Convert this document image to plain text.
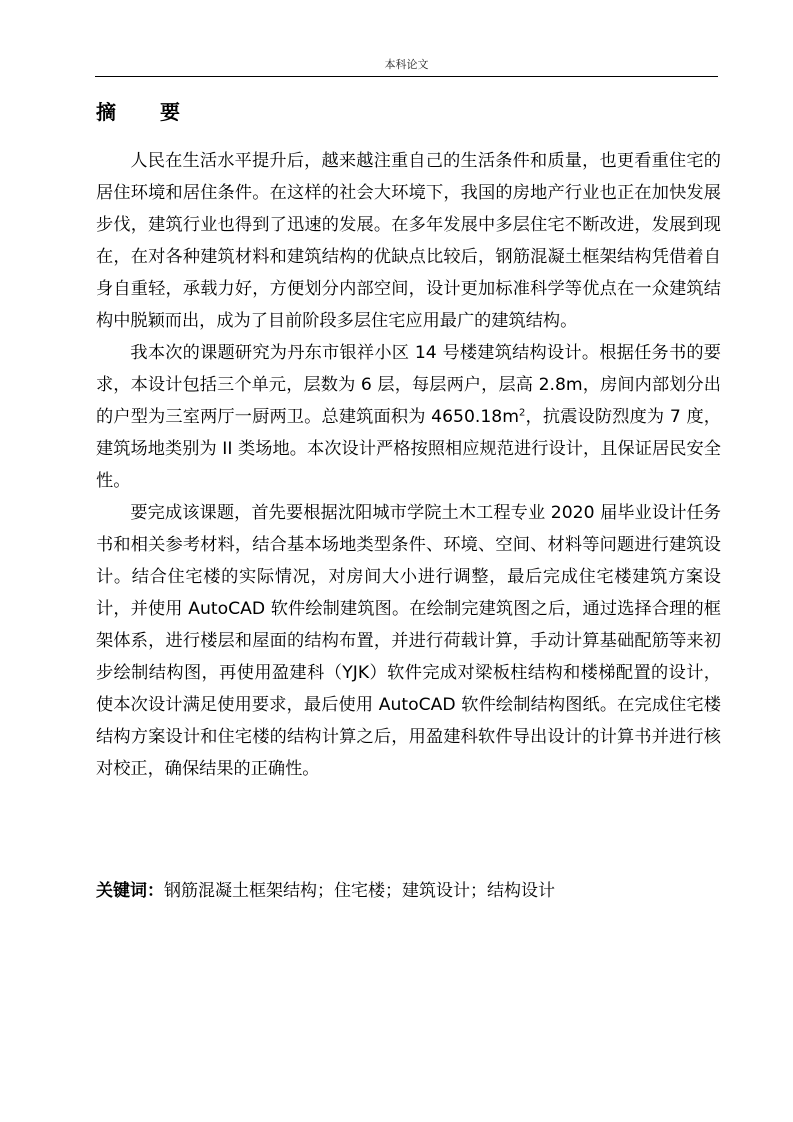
本科论文
摘 要

人民在生活水平提升后，越来越注重自己的生活条件和质量，也更看重住宅的居住环境和居住条件。在这样的社会大环境下，我国的房地产行业也正在加快发展步伐，建筑行业也得到了迅速的发展。在多年发展中多层住宅不断改进，发展到现在，在对各种建筑材料和建筑结构的优缺点比较后，钢筋混凝土框架结构凭借着自身自重轻，承载力好，方便划分内部空间，设计更加标准科学等优点在一众建筑结构中脱颖而出，成为了目前阶段多层住宅应用最广的建筑结构。

我本次的课题研究为丹东市银祥小区 14 号楼建筑结构设计。根据任务书的要求，本设计包括三个单元，层数为 6 层，每层两户，层高 2.8m，房间内部划分出的户型为三室两厅一厨两卫。总建筑面积为 $4650.18m^2$，抗震设防烈度为 7 度，建筑场地类别为 II 类场地。本次设计严格按照相应规范进行设计，且保证居民安全性。

要完成该课题，首先要根据沈阳城市学院土木工程专业 2020 届毕业设计任务书和相关参考材料，结合基本场地类型条件、环境、空间、材料等问题进行建筑设计。结合住宅楼的实际情况，对房间大小进行调整，最后完成住宅楼建筑方案设计，并使用 AutoCAD 软件绘制建筑图。在绘制完建筑图之后，通过选择合理的框架体系，进行楼层和屋面的结构布置，并进行荷载计算，手动计算基础配筋等来初步绘制结构图，再使用盈建科（YJK）软件完成对梁板柱结构和楼梯配置的设计，使本次设计满足使用要求，最后使用 AutoCAD 软件绘制结构图纸。在完成住宅楼结构方案设计和住宅楼的结构计算之后，用盈建科软件导出设计的计算书并进行核对校正，确保结果的正确性。

关键词：钢筋混凝土框架结构；住宅楼；建筑设计；结构设计
